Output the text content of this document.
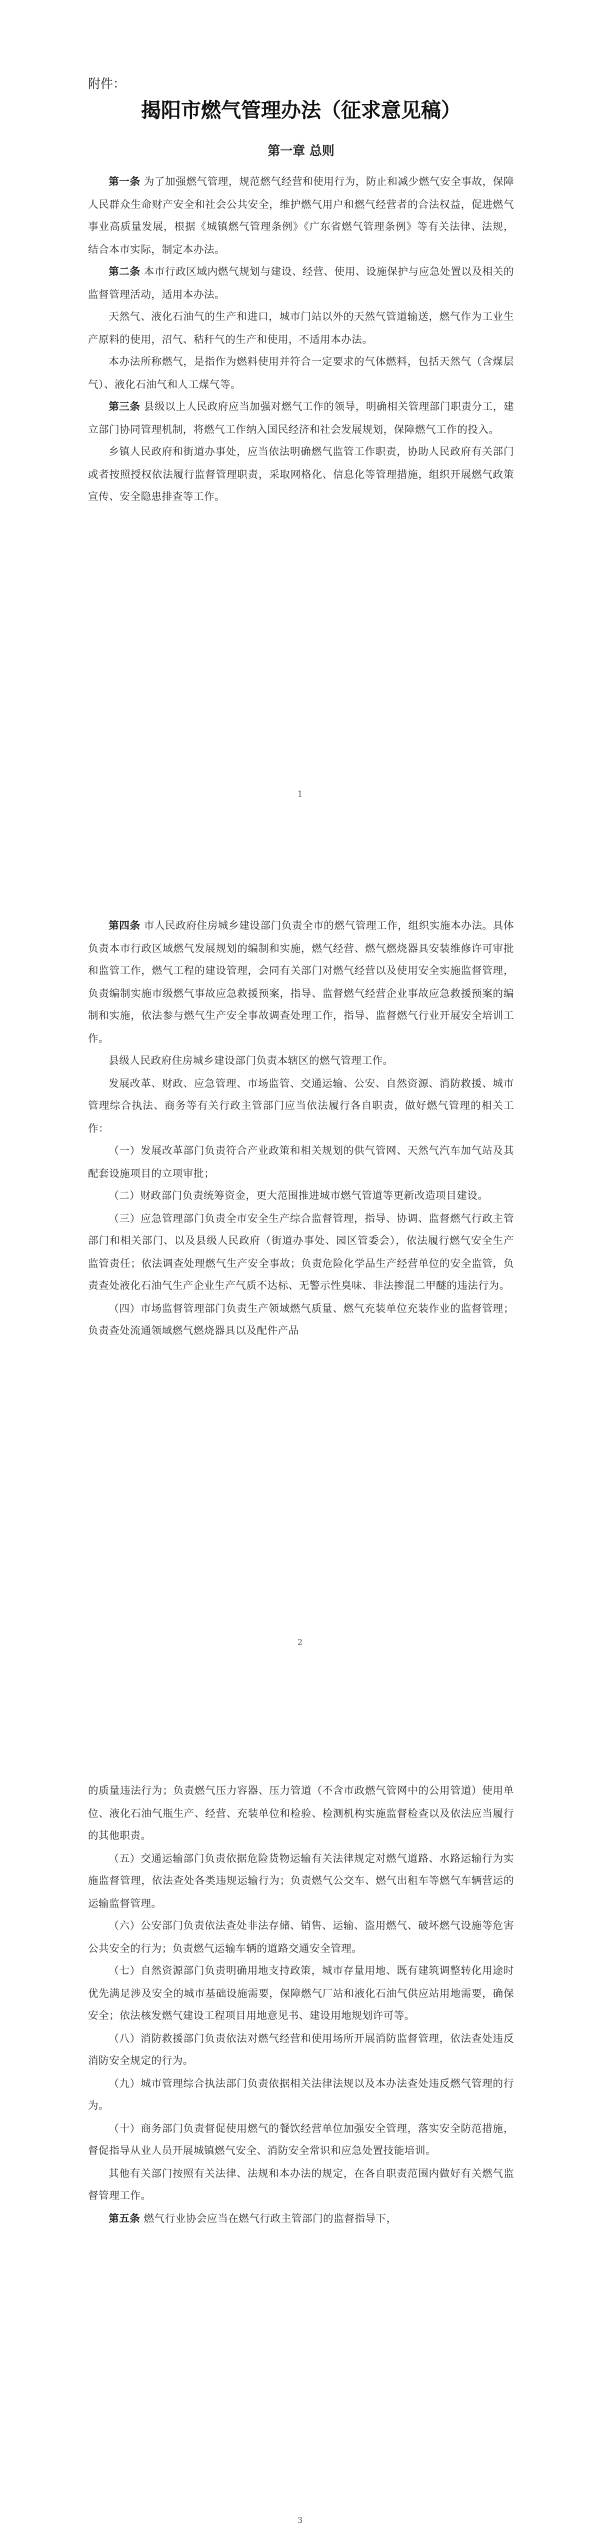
附件：

揭阳市燃气管理办法（征求意见稿）
第一章 总则

第一条 为了加强燃气管理，规范燃气经营和使用行为，防止和减少燃气安全事故，保障人民群众生命财产安全和社会公共安全，维护燃气用户和燃气经营者的合法权益，促进燃气事业高质量发展，根据《城镇燃气管理条例》《广东省燃气管理条例》等有关法律、法规，结合本市实际，制定本办法。

第二条 本市行政区域内燃气规划与建设、经营、使用、设施保护与应急处置以及相关的监督管理活动，适用本办法。

天然气、液化石油气的生产和进口，城市门站以外的天然气管道输送，燃气作为工业生产原料的使用，沼气、秸秆气的生产和使用，不适用本办法。

本办法所称燃气，是指作为燃料使用并符合一定要求的气体燃料，包括天然气（含煤层气）、液化石油气和人工煤气等。

第三条 县级以上人民政府应当加强对燃气工作的领导，明确相关管理部门职责分工，建立部门协同管理机制，将燃气工作纳入国民经济和社会发展规划，保障燃气工作的投入。

乡镇人民政府和街道办事处，应当依法明确燃气监管工作职责，协助人民政府有关部门或者按照授权依法履行监督管理职责，采取网格化、信息化等管理措施，组织开展燃气政策宣传、安全隐患排查等工作。

1

第四条 市人民政府住房城乡建设部门负责全市的燃气管理工作，组织实施本办法。具体负责本市行政区域燃气发展规划的编制和实施，燃气经营、燃气燃烧器具安装维修许可审批和监管工作，燃气工程的建设管理，会同有关部门对燃气经营以及使用安全实施监督管理，负责编制实施市级燃气事故应急救援预案，指导、监督燃气经营企业事故应急救援预案的编制和实施，依法参与燃气生产安全事故调查处理工作，指导、监督燃气行业开展安全培训工作。

县级人民政府住房城乡建设部门负责本辖区的燃气管理工作。

发展改革、财政、应急管理、市场监管、交通运输、公安、自然资源、消防救援、城市管理综合执法、商务等有关行政主管部门应当依法履行各自职责，做好燃气管理的相关工作：

（一）发展改革部门负责符合产业政策和相关规划的供气管网、天然气汽车加气站及其配套设施项目的立项审批；

（二）财政部门负责统筹资金，更大范围推进城市燃气管道等更新改造项目建设。

（三）应急管理部门负责全市安全生产综合监督管理，指导、协调、监督燃气行政主管部门和相关部门、以及县级人民政府（街道办事处、园区管委会），依法履行燃气安全生产监管责任；依法调查处理燃气生产安全事故；负责危险化学品生产经营单位的安全监管，负责查处液化石油气生产企业生产气质不达标、无警示性臭味、非法掺混二甲醚的违法行为。

（四）市场监督管理部门负责生产领域燃气质量、燃气充装单位充装作业的监督管理；负责查处流通领域燃气燃烧器具以及配件产品

2

的质量违法行为；负责燃气压力容器、压力管道（不含市政燃气管网中的公用管道）使用单位、液化石油气瓶生产、经营、充装单位和检验、检测机构实施监督检查以及依法应当履行的其他职责。

（五）交通运输部门负责依据危险货物运输有关法律规定对燃气道路、水路运输行为实施监督管理，依法查处各类违规运输行为；负责燃气公交车、燃气出租车等燃气车辆营运的运输监督管理。

（六）公安部门负责依法查处非法存储、销售、运输、盗用燃气、破坏燃气设施等危害公共安全的行为；负责燃气运输车辆的道路交通安全管理。

（七）自然资源部门负责明确用地支持政策，城市存量用地、既有建筑调整转化用途时优先满足涉及安全的城市基础设施需要，保障燃气厂站和液化石油气供应站用地需要，确保安全；依法核发燃气建设工程项目用地意见书、建设用地规划许可等。

（八）消防救援部门负责依法对燃气经营和使用场所开展消防监督管理，依法查处违反消防安全规定的行为。

（九）城市管理综合执法部门负责依据相关法律法规以及本办法查处违反燃气管理的行为。

（十）商务部门负责督促使用燃气的餐饮经营单位加强安全管理，落实安全防范措施，督促指导从业人员开展城镇燃气安全、消防安全常识和应急处置技能培训。

其他有关部门按照有关法律、法规和本办法的规定，在各自职责范围内做好有关燃气监督管理工作。

第五条 燃气行业协会应当在燃气行政主管部门的监督指导下，

3
